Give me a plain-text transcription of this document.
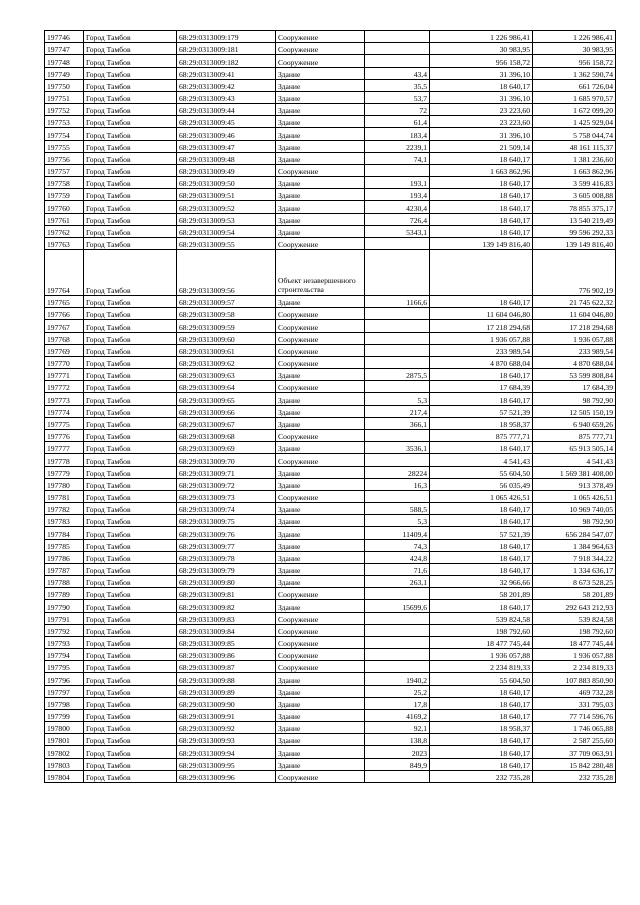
197746	Город Тамбов	68:29:0313009:179	Сооружение		1 226 986,41	1 226 986,41
197747	Город Тамбов	68:29:0313009:181	Сооружение		30 983,95	30 983,95
197748	Город Тамбов	68:29:0313009:182	Сооружение		956 158,72	956 158,72
197749	Город Тамбов	68:29:0313009:41	Здание	43,4	31 396,10	1 362 590,74
197750	Город Тамбов	68:29:0313009:42	Здание	35,5	18 640,17	661 726,04
197751	Город Тамбов	68:29:0313009:43	Здание	53,7	31 396,10	1 685 970,57
197752	Город Тамбов	68:29:0313009:44	Здание	72	23 223,60	1 672 099,20
197753	Город Тамбов	68:29:0313009:45	Здание	61,4	23 223,60	1 425 929,04
197754	Город Тамбов	68:29:0313009:46	Здание	183,4	31 396,10	5 758 044,74
197755	Город Тамбов	68:29:0313009:47	Здание	2239,1	21 509,14	48 161 115,37
197756	Город Тамбов	68:29:0313009:48	Здание	74,1	18 640,17	1 381 236,60
197757	Город Тамбов	68:29:0313009:49	Сооружение		1 663 862,96	1 663 862,96
197758	Город Тамбов	68:29:0313009:50	Здание	193,1	18 640,17	3 599 416,83
197759	Город Тамбов	68:29:0313009:51	Здание	193,4	18 640,17	3 605 008,88
197760	Город Тамбов	68:29:0313009:52	Здание	4230,4	18 640,17	78 855 375,17
197761	Город Тамбов	68:29:0313009:53	Здание	726,4	18 640,17	13 540 219,49
197762	Город Тамбов	68:29:0313009:54	Здание	5343,1	18 640,17	99 596 292,33
197763	Город Тамбов	68:29:0313009:55	Сооружение		139 149 816,40	139 149 816,40
197764	Город Тамбов	68:29:0313009:56	Объект незавершенного строительства			776 902,19
197765	Город Тамбов	68:29:0313009:57	Здание	1166,6	18 640,17	21 745 622,32
197766	Город Тамбов	68:29:0313009:58	Сооружение		11 604 046,80	11 604 046,80
197767	Город Тамбов	68:29:0313009:59	Сооружение		17 218 294,68	17 218 294,68
197768	Город Тамбов	68:29:0313009:60	Сооружение		1 936 057,88	1 936 057,88
197769	Город Тамбов	68:29:0313009:61	Сооружение		233 989,54	233 989,54
197770	Город Тамбов	68:29:0313009:62	Сооружение		4 870 688,04	4 870 688,04
197771	Город Тамбов	68:29:0313009:63	Здание	2875,5	18 640,17	53 599 808,84
197772	Город Тамбов	68:29:0313009:64	Сооружение		17 684,39	17 684,39
197773	Город Тамбов	68:29:0313009:65	Здание	5,3	18 640,17	98 792,90
197774	Город Тамбов	68:29:0313009:66	Здание	217,4	57 521,39	12 505 150,19
197775	Город Тамбов	68:29:0313009:67	Здание	366,1	18 958,37	6 940 659,26
197776	Город Тамбов	68:29:0313009:68	Сооружение		875 777,71	875 777,71
197777	Город Тамбов	68:29:0313009:69	Здание	3536,1	18 640,17	65 913 505,14
197778	Город Тамбов	68:29:0313009:70	Сооружение		4 541,43	4 541,43
197779	Город Тамбов	68:29:0313009:71	Здание	28224	55 604,50	1 569 381 408,00
197780	Город Тамбов	68:29:0313009:72	Здание	16,3	56 035,49	913 378,49
197781	Город Тамбов	68:29:0313009:73	Сооружение		1 065 426,51	1 065 426,51
197782	Город Тамбов	68:29:0313009:74	Здание	588,5	18 640,17	10 969 740,05
197783	Город Тамбов	68:29:0313009:75	Здание	5,3	18 640,17	98 792,90
197784	Город Тамбов	68:29:0313009:76	Здание	11409,4	57 521,39	656 284 547,07
197785	Город Тамбов	68:29:0313009:77	Здание	74,3	18 640,17	1 384 964,63
197786	Город Тамбов	68:29:0313009:78	Здание	424,8	18 640,17	7 918 344,22
197787	Город Тамбов	68:29:0313009:79	Здание	71,6	18 640,17	1 334 636,17
197788	Город Тамбов	68:29:0313009:80	Здание	263,1	32 966,66	8 673 528,25
197789	Город Тамбов	68:29:0313009:81	Сооружение		58 201,89	58 201,89
197790	Город Тамбов	68:29:0313009:82	Здание	15699,6	18 640,17	292 643 212,93
197791	Город Тамбов	68:29:0313009:83	Сооружение		539 824,58	539 824,58
197792	Город Тамбов	68:29:0313009:84	Сооружение		198 792,60	198 792,60
197793	Город Тамбов	68:29:0313009:85	Сооружение		18 477 745,44	18 477 745,44
197794	Город Тамбов	68:29:0313009:86	Сооружение		1 936 057,88	1 936 057,88
197795	Город Тамбов	68:29:0313009:87	Сооружение		2 234 819,33	2 234 819,33
197796	Город Тамбов	68:29:0313009:88	Здание	1940,2	55 604,50	107 883 850,90
197797	Город Тамбов	68:29:0313009:89	Здание	25,2	18 640,17	469 732,28
197798	Город Тамбов	68:29:0313009:90	Здание	17,8	18 640,17	331 795,03
197799	Город Тамбов	68:29:0313009:91	Здание	4169,2	18 640,17	77 714 596,76
197800	Город Тамбов	68:29:0313009:92	Здание	92,1	18 958,37	1 746 065,88
197801	Город Тамбов	68:29:0313009:93	Здание	138,8	18 640,17	2 587 255,60
197802	Город Тамбов	68:29:0313009:94	Здание	2023	18 640,17	37 709 063,91
197803	Город Тамбов	68:29:0313009:95	Здание	849,9	18 640,17	15 842 280,48
197804	Город Тамбов	68:29:0313009:96	Сооружение		232 735,28	232 735,28
